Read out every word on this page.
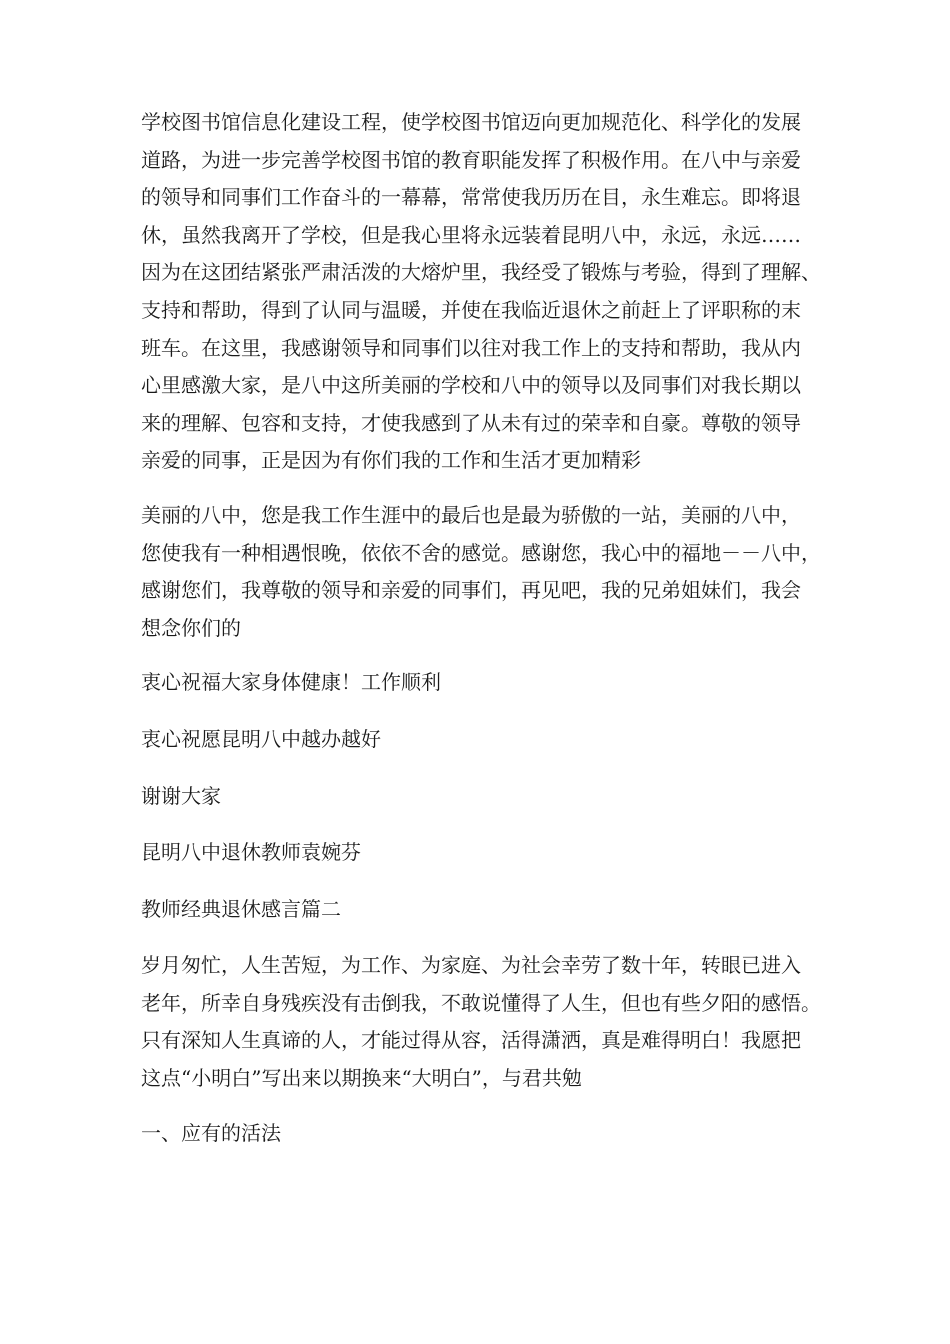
学校图书馆信息化建设工程，使学校图书馆迈向更加规范化、科学化的发展
道路，为进一步完善学校图书馆的教育职能发挥了积极作用。在八中与亲爱
的领导和同事们工作奋斗的一幕幕，常常使我历历在目，永生难忘。即将退
休，虽然我离开了学校，但是我心里将永远装着昆明八中，永远，永远……
因为在这团结紧张严肃活泼的大熔炉里，我经受了锻炼与考验，得到了理解、
支持和帮助，得到了认同与温暖，并使在我临近退休之前赶上了评职称的末
班车。在这里，我感谢领导和同事们以往对我工作上的支持和帮助，我从内
心里感激大家，是八中这所美丽的学校和八中的领导以及同事们对我长期以
来的理解、包容和支持，才使我感到了从未有过的荣幸和自豪。尊敬的领导
亲爱的同事，正是因为有你们我的工作和生活才更加精彩

美丽的八中，您是我工作生涯中的最后也是最为骄傲的一站，美丽的八中，
您使我有一种相遇恨晚，依依不舍的感觉。感谢您，我心中的福地－－八中，
感谢您们，我尊敬的领导和亲爱的同事们，再见吧，我的兄弟姐妹们，我会
想念你们的

衷心祝福大家身体健康！工作顺利

衷心祝愿昆明八中越办越好

谢谢大家

昆明八中退休教师袁婉芬

教师经典退休感言篇二

岁月匆忙，人生苦短，为工作、为家庭、为社会幸劳了数十年，转眼已进入
老年，所幸自身残疾没有击倒我，不敢说懂得了人生，但也有些夕阳的感悟。
只有深知人生真谛的人，才能过得从容，活得潇洒，真是难得明白！我愿把
这点“小明白”写出来以期换来“大明白”，与君共勉

一、应有的活法
